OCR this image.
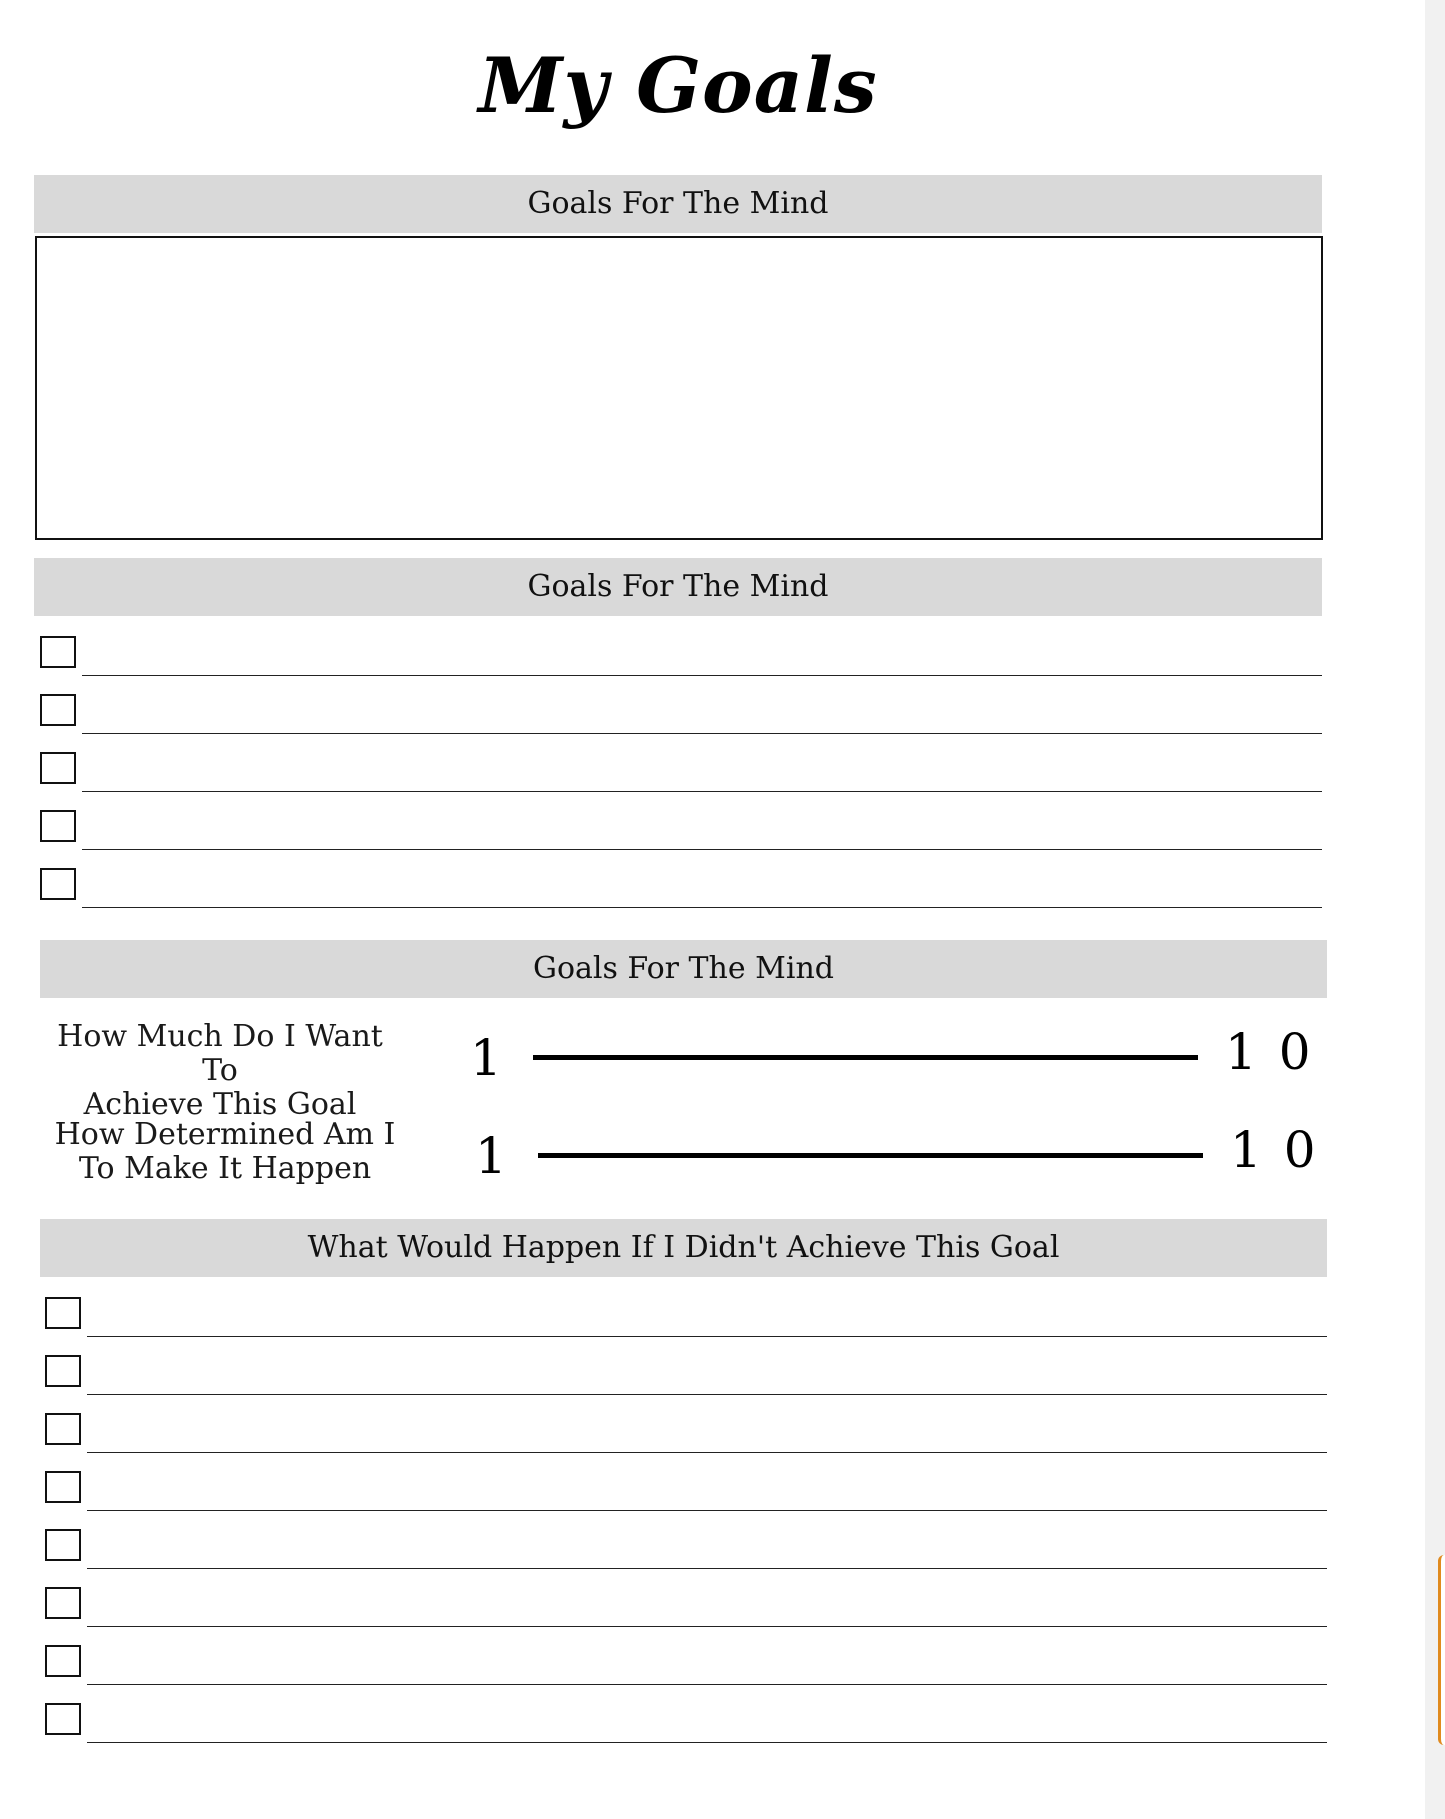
My Goals
Goals For The Mind
Goals For The Mind
Goals For The Mind
How Much Do I Want To
Achieve This Goal
1	10
How Determined Am I
To Make It Happen	1	10
What Would Happen If I Didn't Achieve This Goal
